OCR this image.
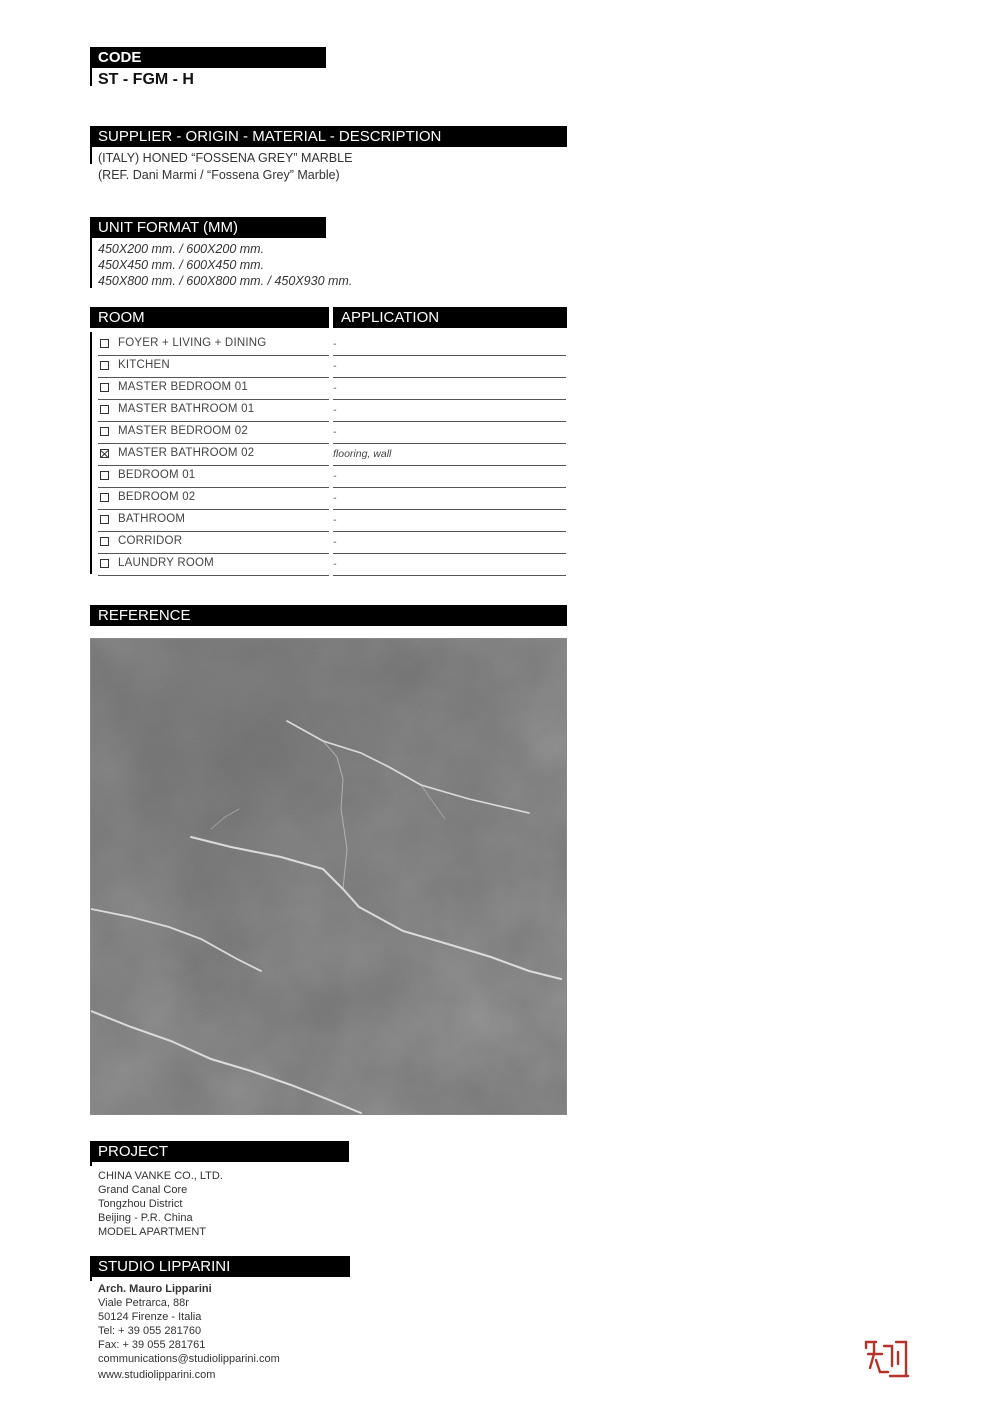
CODE
ST - FGM - H
SUPPLIER - ORIGIN - MATERIAL - DESCRIPTION
(ITALY) HONED “FOSSENA GREY” MARBLE
(REF. Dani Marmi / “Fossena Grey” Marble)
UNIT FORMAT (MM)
450X200 mm. / 600X200 mm.
450X450 mm. / 600X450 mm.
450X800 mm. / 600X800 mm. / 450X930 mm.
ROOM	APPLICATION
FOYER + LIVING + DINING	-
KITCHEN	-
MASTER BEDROOM 01	-
MASTER BATHROOM 01	-
MASTER BEDROOM 02	-
MASTER BATHROOM 02	flooring, wall
BEDROOM 01	-
BEDROOM 02	-
BATHROOM	-
CORRIDOR	-
LAUNDRY ROOM	-
REFERENCE
PROJECT
CHINA VANKE CO., LTD.
Grand Canal Core
Tongzhou District
Beijing - P.R. China
MODEL APARTMENT
STUDIO LIPPARINI
Arch. Mauro Lipparini
Viale Petrarca, 88r
50124 Firenze - Italia
Tel: + 39 055 281760
Fax: + 39 055 281761
communications@studiolipparini.com
www.studiolipparini.com
